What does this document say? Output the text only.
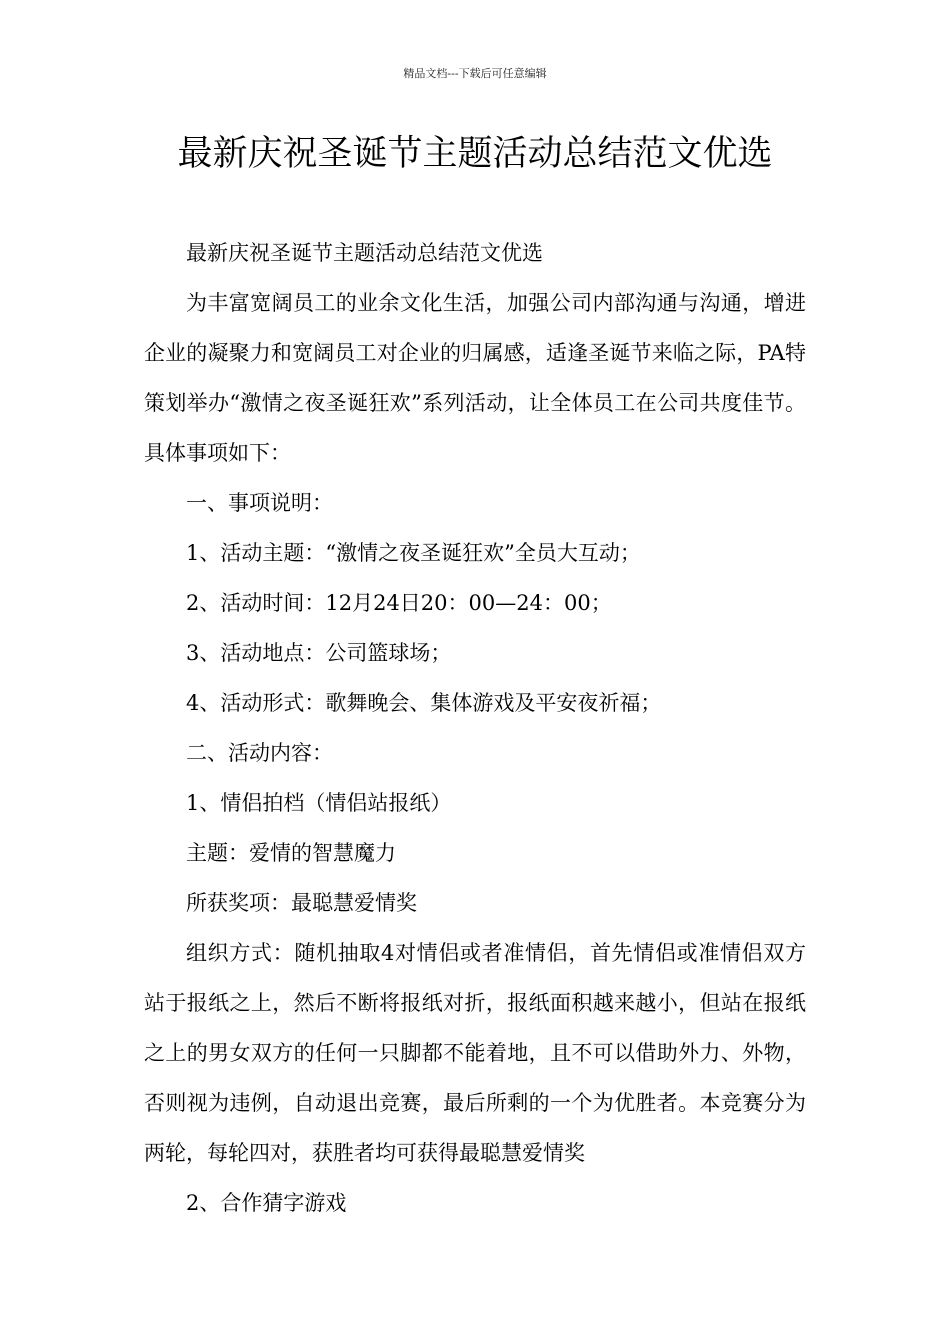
精品文档---下载后可任意编辑
最新庆祝圣诞节主题活动总结范文优选

最新庆祝圣诞节主题活动总结范文优选

为丰富宽阔员工的业余文化生活，加强公司内部沟通与沟通，增进企业的凝聚力和宽阔员工对企业的归属感，适逢圣诞节来临之际，PA特策划举办“激情之夜圣诞狂欢”系列活动，让全体员工在公司共度佳节。具体事项如下：

一、事项说明：

1、活动主题：“激情之夜圣诞狂欢”全员大互动；

2、活动时间：12月24日20：00—24：00；

3、活动地点：公司篮球场；

4、活动形式：歌舞晚会、集体游戏及平安夜祈福；

二、活动内容：

1、情侣拍档（情侣站报纸）

主题：爱情的智慧魔力

所获奖项：最聪慧爱情奖

组织方式：随机抽取4对情侣或者准情侣，首先情侣或准情侣双方站于报纸之上，然后不断将报纸对折，报纸面积越来越小，但站在报纸之上的男女双方的任何一只脚都不能着地，且不可以借助外力、外物，否则视为违例，自动退出竞赛，最后所剩的一个为优胜者。本竞赛分为两轮，每轮四对，获胜者均可获得最聪慧爱情奖

2、合作猜字游戏
